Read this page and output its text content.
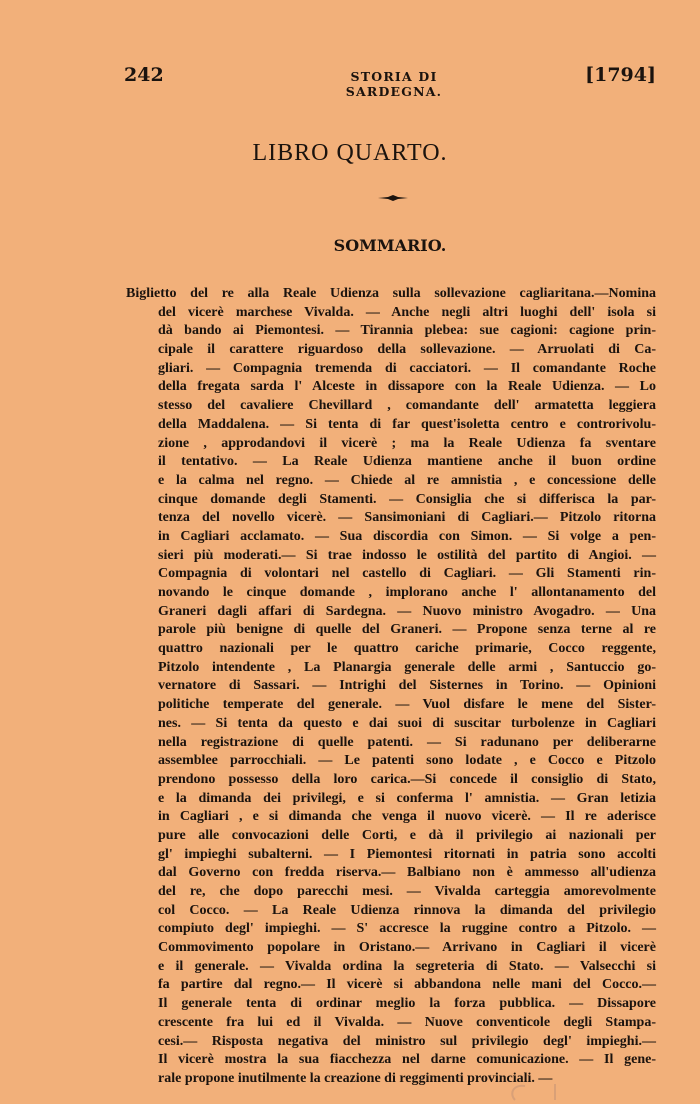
242	STORIA DI SARDEGNA.
[1794]
LIBRO QUARTO.
SOMMARIO.
Biglietto del re alla Reale Udienza sulla sollevazione cagliaritana.—Nomina
del vicerè marchese Vivalda. — Anche negli altri luoghi dell' isola si
dà bando ai Piemontesi. — Tirannia plebea: sue cagioni: cagione prin-
cipale il carattere riguardoso della sollevazione. — Arruolati di Ca-
gliari. — Compagnia tremenda di cacciatori. — Il comandante Roche
della fregata sarda l' Alceste in dissapore con la Reale Udienza. — Lo
stesso del cavaliere Chevillard , comandante dell' armatetta leggiera
della Maddalena. — Si tenta di far quest'isoletta centro e controrivolu-
zione , approdandovi il vicerè ; ma la Reale Udienza fa sventare
il tentativo. — La Reale Udienza mantiene anche il buon ordine
e la calma nel regno. — Chiede al re amnistia , e concessione delle
cinque domande degli Stamenti. — Consiglia che si differisca la par-
tenza del novello vicerè. — Sansimoniani di Cagliari.— Pitzolo ritorna
in Cagliari acclamato. — Sua discordia con Simon. — Si volge a pen-
sieri più moderati.— Si trae indosso le ostilità del partito di Angioi. —
Compagnia di volontari nel castello di Cagliari. — Gli Stamenti rin-
novando le cinque domande , implorano anche l' allontanamento del
Graneri dagli affari di Sardegna. — Nuovo ministro Avogadro. — Una
parole più benigne di quelle del Graneri. — Propone senza terne al re
quattro nazionali per le quattro cariche primarie, Cocco reggente,
Pitzolo intendente , La Planargia generale delle armi , Santuccio go-
vernatore di Sassari. — Intrighi del Sisternes in Torino. — Opinioni
politiche temperate del generale. — Vuol disfare le mene del Sister-
nes. — Si tenta da questo e dai suoi di suscitar turbolenze in Cagliari
nella registrazione di quelle patenti. — Si radunano per deliberarne
assemblee parrocchiali. — Le patenti sono lodate , e Cocco e Pitzolo
prendono possesso della loro carica.—Si concede il consiglio di Stato,
e la dimanda dei privilegi, e si conferma l' amnistia. — Gran letizia
in Cagliari , e si dimanda che venga il nuovo vicerè. — Il re aderisce
pure alle convocazioni delle Corti, e dà il privilegio ai nazionali per
gl' impieghi subalterni. — I Piemontesi ritornati in patria sono accolti
dal Governo con fredda riserva.— Balbiano non è ammesso all'udienza
del re, che dopo parecchi mesi. — Vivalda carteggia amorevolmente
col Cocco. — La Reale Udienza rinnova la dimanda del privilegio
compiuto degl' impieghi. — S' accresce la ruggine contro a Pitzolo. —
Commovimento popolare in Oristano.— Arrivano in Cagliari il vicerè
e il generale. — Vivalda ordina la segreteria di Stato. — Valsecchi si
fa partire dal regno.— Il vicerè si abbandona nelle mani del Cocco.—
Il generale tenta di ordinar meglio la forza pubblica. — Dissapore
crescente fra lui ed il Vivalda. — Nuove conventicole degli Stampa-
cesi.— Risposta negativa del ministro sul privilegio degl' impieghi.—
Il vicerè mostra la sua fiacchezza nel darne comunicazione. — Il gene-
rale propone inutilmente la creazione di reggimenti provinciali. —
